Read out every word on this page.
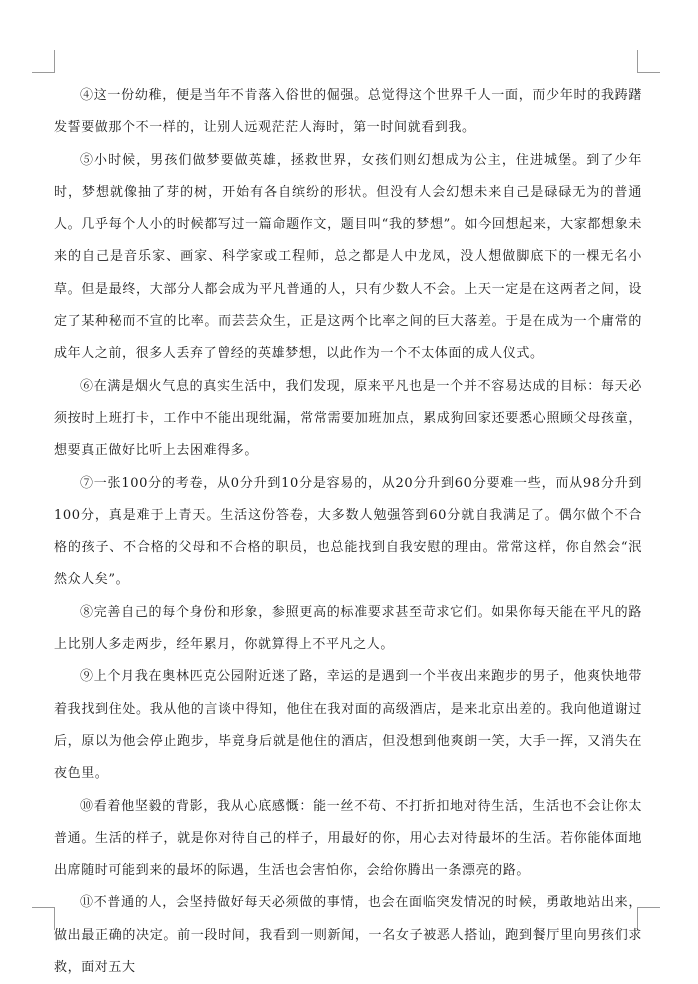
④这一份幼稚，便是当年不肯落入俗世的倔强。总觉得这个世界千人一面，而少年时的我踌躇发誓要做那个不一样的，让别人远观茫茫人海时，第一时间就看到我。

⑤小时候，男孩们做梦要做英雄，拯救世界，女孩们则幻想成为公主，住进城堡。到了少年时，梦想就像抽了芽的树，开始有各自缤纷的形状。但没有人会幻想未来自己是碌碌无为的普通人。几乎每个人小的时候都写过一篇命题作文，题目叫“我的梦想”。如今回想起来，大家都想象未来的自己是音乐家、画家、科学家或工程师，总之都是人中龙凤，没人想做脚底下的一棵无名小草。但是最终，大部分人都会成为平凡普通的人，只有少数人不会。上天一定是在这两者之间，设定了某种秘而不宣的比率。而芸芸众生，正是这两个比率之间的巨大落差。于是在成为一个庸常的成年人之前，很多人丢弃了曾经的英雄梦想，以此作为一个不太体面的成人仪式。

⑥在满是烟火气息的真实生活中，我们发现，原来平凡也是一个并不容易达成的目标：每天必须按时上班打卡，工作中不能出现纰漏，常常需要加班加点，累成狗回家还要悉心照顾父母孩童，想要真正做好比听上去困难得多。

⑦一张100分的考卷，从0分升到10分是容易的，从20分升到60分要难一些，而从98分升到100分，真是难于上青天。生活这份答卷，大多数人勉强答到60分就自我满足了。偶尔做个不合格的孩子、不合格的父母和不合格的职员，也总能找到自我安慰的理由。常常这样，你自然会“泯然众人矣”。

⑧完善自己的每个身份和形象，参照更高的标准要求甚至苛求它们。如果你每天能在平凡的路上比别人多走两步，经年累月，你就算得上不平凡之人。

⑨上个月我在奥林匹克公园附近迷了路，幸运的是遇到一个半夜出来跑步的男子，他爽快地带着我找到住处。我从他的言谈中得知，他住在我对面的高级酒店，是来北京出差的。我向他道谢过后，原以为他会停止跑步，毕竟身后就是他住的酒店，但没想到他爽朗一笑，大手一挥，又消失在夜色里。

⑩看着他坚毅的背影，我从心底感慨：能一丝不苟、不打折扣地对待生活，生活也不会让你太普通。生活的样子，就是你对待自己的样子，用最好的你，用心去对待最坏的生活。若你能体面地出席随时可能到来的最坏的际遇，生活也会害怕你，会给你腾出一条漂亮的路。

⑪不普通的人，会坚持做好每天必须做的事情，也会在面临突发情况的时候，勇敢地站出来，做出最正确的决定。前一段时间，我看到一则新闻，一名女子被恶人搭讪，跑到餐厅里向男孩们求救，面对五大
